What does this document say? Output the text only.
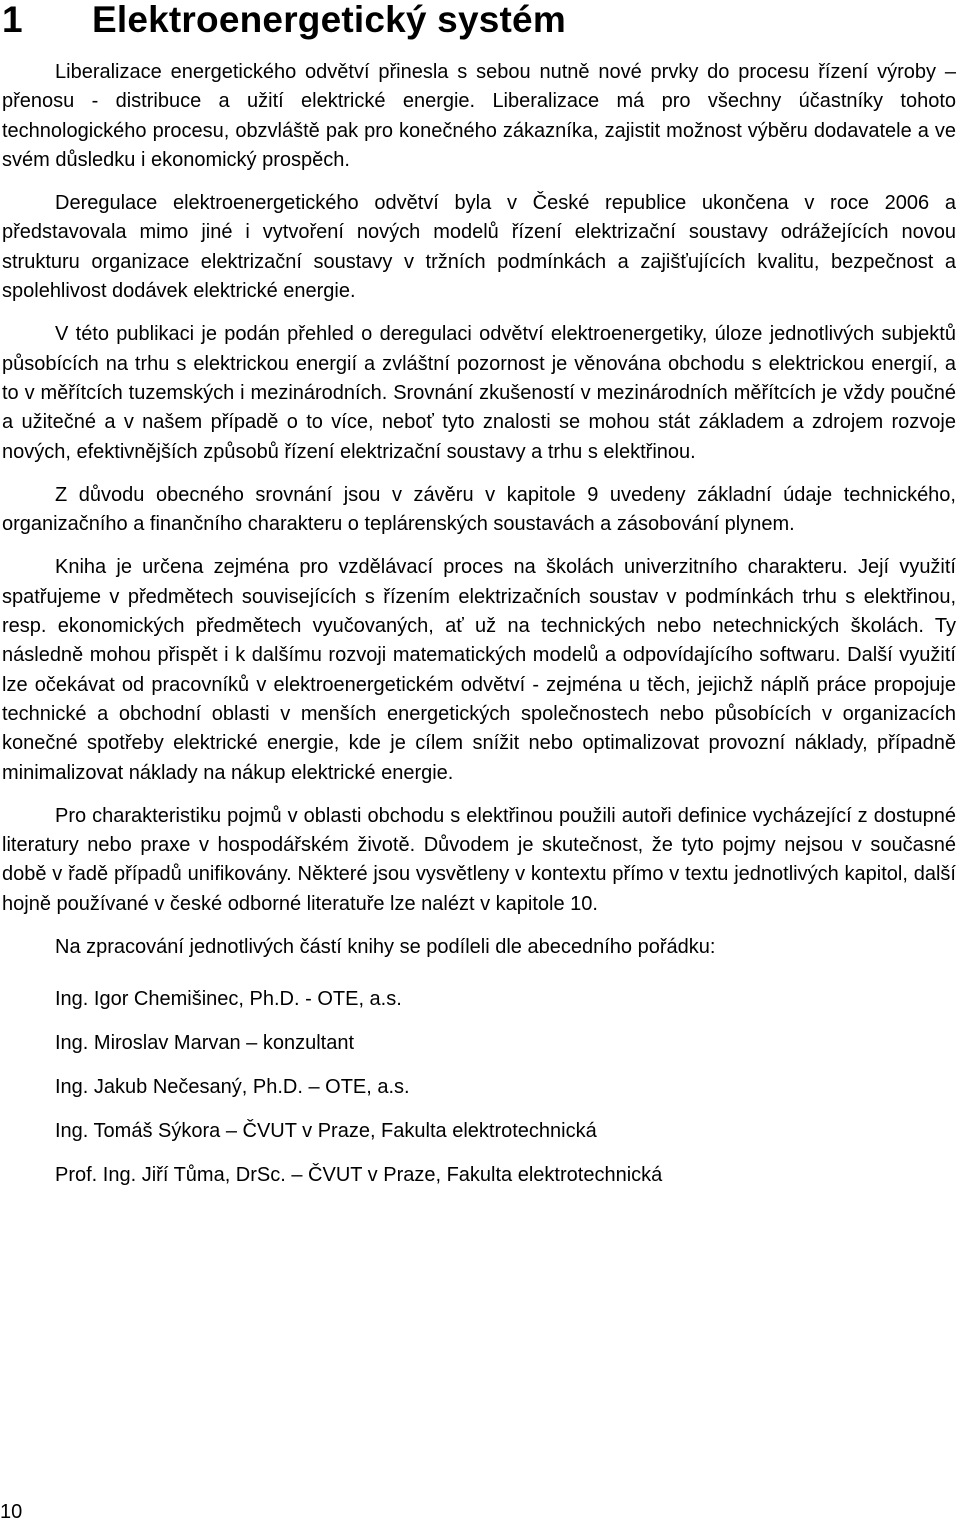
1 Elektroenergetický systém

Liberalizace energetického odvětví přinesla s sebou nutně nové prvky do procesu řízení výroby – přenosu - distribuce a užití elektrické energie. Liberalizace má pro všechny účastníky tohoto technologického procesu, obzvláště pak pro konečného zákazníka, zajistit možnost výběru dodavatele a ve svém důsledku i ekonomický prospěch.

Deregulace elektroenergetického odvětví byla v České republice ukončena v roce 2006 a představovala mimo jiné i vytvoření nových modelů řízení elektrizační soustavy odrážejících novou strukturu organizace elektrizační soustavy v tržních podmínkách a zajišťujících kvalitu, bezpečnost a spolehlivost dodávek elektrické energie.

V této publikaci je podán přehled o deregulaci odvětví elektroenergetiky, úloze jednotlivých subjektů působících na trhu s elektrickou energií a zvláštní pozornost je věnována obchodu s elektrickou energií, a to v měřítcích tuzemských i mezinárodních. Srovnání zkušeností v mezinárodních měřítcích je vždy poučné a užitečné a v našem případě o to více, neboť tyto znalosti se mohou stát základem a zdrojem rozvoje nových, efektivnějších způsobů řízení elektrizační soustavy a trhu s elektřinou.

Z důvodu obecného srovnání jsou v závěru v kapitole 9 uvedeny základní údaje technického, organizačního a finančního charakteru o teplárenských soustavách a zásobování plynem.

Kniha je určena zejména pro vzdělávací proces na školách univerzitního charakteru. Její využití spatřujeme v předmětech souvisejících s řízením elektrizačních soustav v podmínkách trhu s elektřinou, resp. ekonomických předmětech vyučovaných, ať už na technických nebo netechnických školách. Ty následně mohou přispět i k dalšímu rozvoji matematických modelů a odpovídajícího softwaru. Další využití lze očekávat od pracovníků v elektroenergetickém odvětví - zejména u těch, jejichž náplň práce propojuje technické a obchodní oblasti v menších energetických společnostech nebo působících v organizacích konečné spotřeby elektrické energie, kde je cílem snížit nebo optimalizovat provozní náklady, případně minimalizovat náklady na nákup elektrické energie.

Pro charakteristiku pojmů v oblasti obchodu s elektřinou použili autoři definice vycházející z dostupné literatury nebo praxe v hospodářském životě. Důvodem je skutečnost, že tyto pojmy nejsou v současné době v řadě případů unifikovány. Některé jsou vysvětleny v kontextu přímo v textu jednotlivých kapitol, další hojně používané v české odborné literatuře lze nalézt v kapitole 10.

Na zpracování jednotlivých částí knihy se podíleli dle abecedního pořádku:

Ing. Igor Chemišinec, Ph.D. - OTE, a.s.
Ing. Miroslav Marvan – konzultant
Ing. Jakub Nečesaný, Ph.D. – OTE, a.s.
Ing. Tomáš Sýkora – ČVUT v Praze, Fakulta elektrotechnická
Prof. Ing. Jiří Tůma, DrSc. – ČVUT v Praze, Fakulta elektrotechnická
10
